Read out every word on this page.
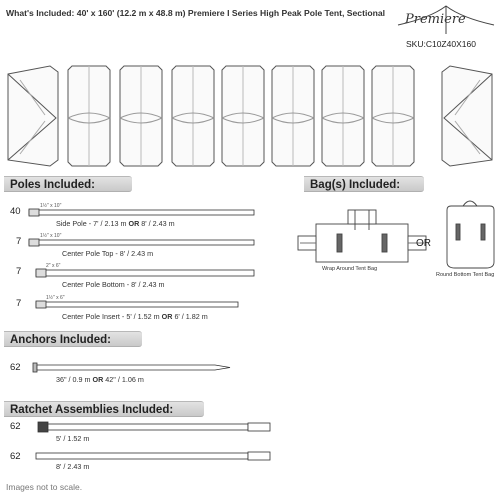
What's Included: 40' x 160' (12.2 m x 48.8 m) Premiere I Series High Peak Pole Tent, Sectional Premiere
SKU:C10Z40X160
Poles Included:	Bag(s) Included:
Anchors Included:
Ratchet Assemblies Included:
40	1½" x 10"
Side Pole - 7' / 2.13 m OR 8' / 2.43 m
7	1½" x 10"
Center Pole Top - 8' / 2.43 m
7	2" x 6"
Center Pole Bottom - 8' / 2.43 m
7	1½" x 6"
Center Pole Insert - 5' / 1.52 m OR 6' / 1.82 m
Wrap Around Tent Bag
OR
Round Bottom Tent Bag
62
36" / 0.9 m OR 42" / 1.06 m
62
5' / 1.52 m
62
8' / 2.43 m
Images not to scale.
